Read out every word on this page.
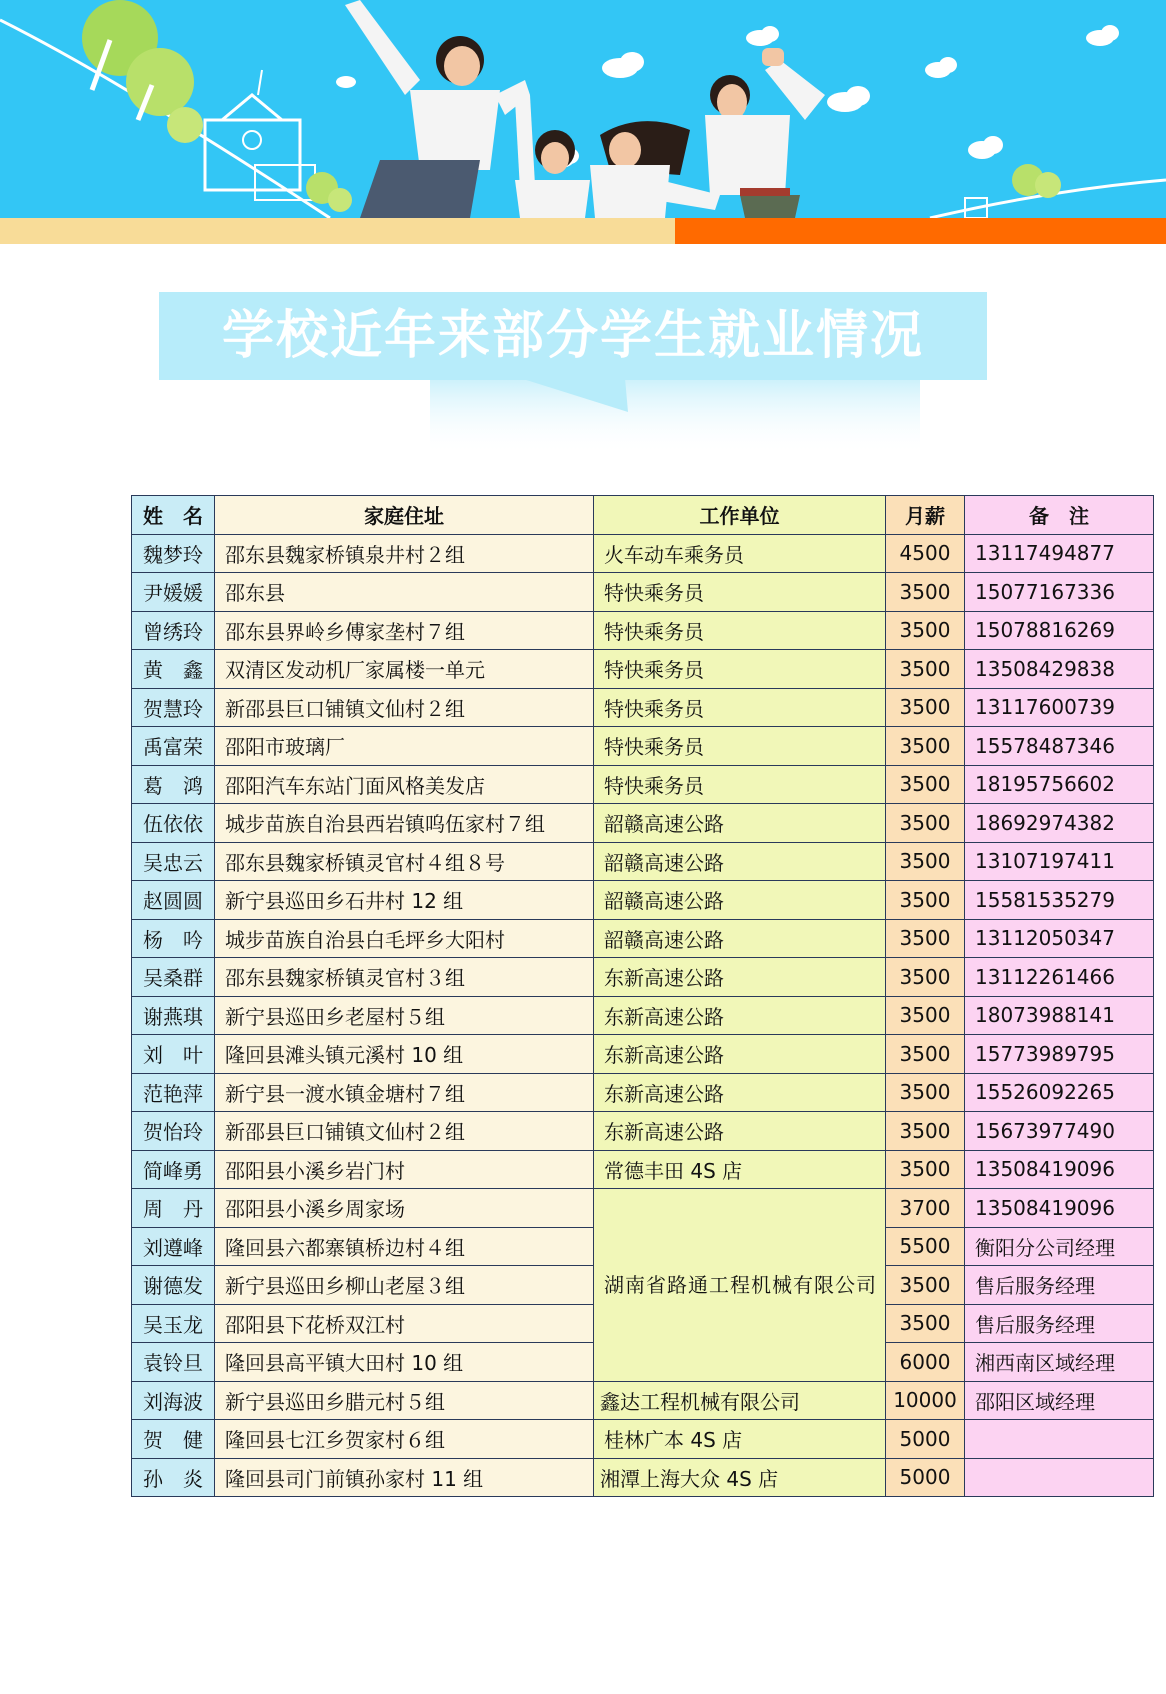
学校近年来部分学生就业情况
姓　名	家庭住址	工作单位	月薪	备　注
魏梦玲	邵东县魏家桥镇泉井村２组	火车动车乘务员	4500	13117494877
尹媛媛	邵东县	特快乘务员	3500	15077167336
曾绣玲	邵东县界岭乡傅家垄村７组	特快乘务员	3500	15078816269
黄　鑫	双清区发动机厂家属楼一单元	特快乘务员	3500	13508429838
贺慧玲	新邵县巨口铺镇文仙村２组	特快乘务员	3500	13117600739
禹富荣	邵阳市玻璃厂	特快乘务员	3500	15578487346
葛　鸿	邵阳汽车东站门面风格美发店	特快乘务员	3500	18195756602
伍依依	城步苗族自治县西岩镇呜伍家村７组	韶赣高速公路	3500	18692974382
吴忠云	邵东县魏家桥镇灵官村４组８号	韶赣高速公路	3500	13107197411
赵圆圆	新宁县巡田乡石井村 12 组	韶赣高速公路	3500	15581535279
杨　吟	城步苗族自治县白毛坪乡大阳村	韶赣高速公路	3500	13112050347
吴桑群	邵东县魏家桥镇灵官村３组	东新高速公路	3500	13112261466
谢燕琪	新宁县巡田乡老屋村５组	东新高速公路	3500	18073988141
刘　叶	隆回县滩头镇元溪村 10 组	东新高速公路	3500	15773989795
范艳萍	新宁县一渡水镇金塘村７组	东新高速公路	3500	15526092265
贺怡玲	新邵县巨口铺镇文仙村２组	东新高速公路	3500	15673977490
简峰勇	邵阳县小溪乡岩门村	常德丰田 4S 店	3500	13508419096
周　丹	邵阳县小溪乡周家场	湖南省路通工程机械有限公司	3700	13508419096
刘遵峰	隆回县六都寨镇桥边村４组		5500	衡阳分公司经理
谢德发	新宁县巡田乡柳山老屋３组		3500	售后服务经理
吴玉龙	邵阳县下花桥双江村		3500	售后服务经理
袁铃旦	隆回县高平镇大田村 10 组		6000	湘西南区域经理
刘海波	新宁县巡田乡腊元村５组	鑫达工程机械有限公司	10000	邵阳区域经理
贺　健	隆回县七江乡贺家村６组	桂林广本 4S 店	5000	
孙　炎	隆回县司门前镇孙家村 11 组	湘潭上海大众 4S 店	5000	
